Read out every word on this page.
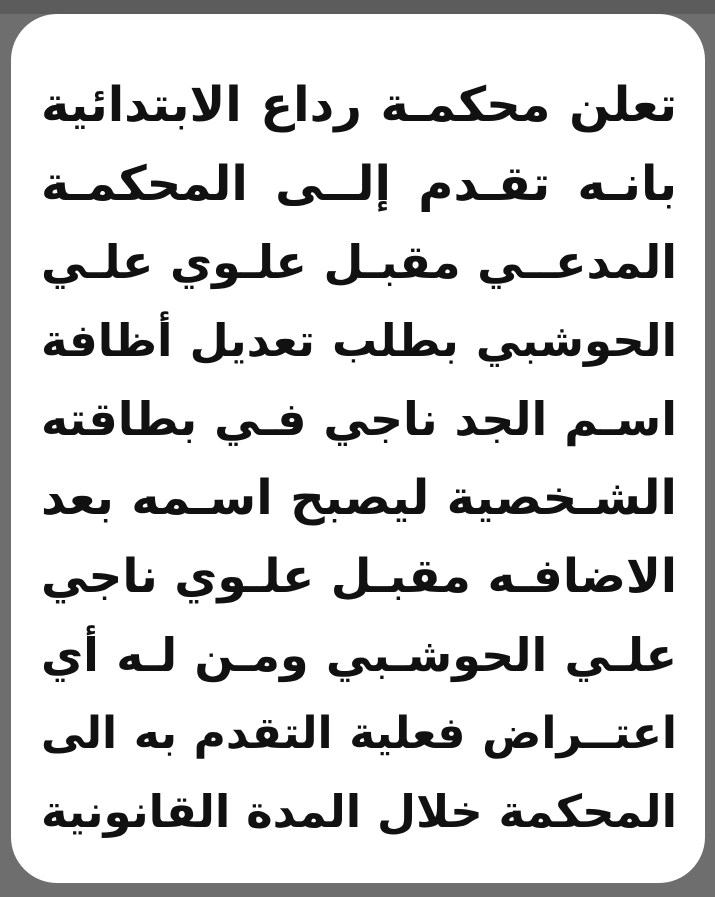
تعلن محكمـة رداع الابتدائية
بانـه تقـدم إلــى المحكمـة
المدعــي مقبـل علـوي علـي
الحوشبي بطلب تعديل أظافة
اسـم الجد ناجي فـي بطاقته
الشـخصية ليصبح اسـمه بعد
الاضافـه مقبـل علـوي ناجي
علـي الحوشـبي ومـن لـه أي
اعتــراض فعلية التقدم به الى
المحكمة خلال المدة القانونية
